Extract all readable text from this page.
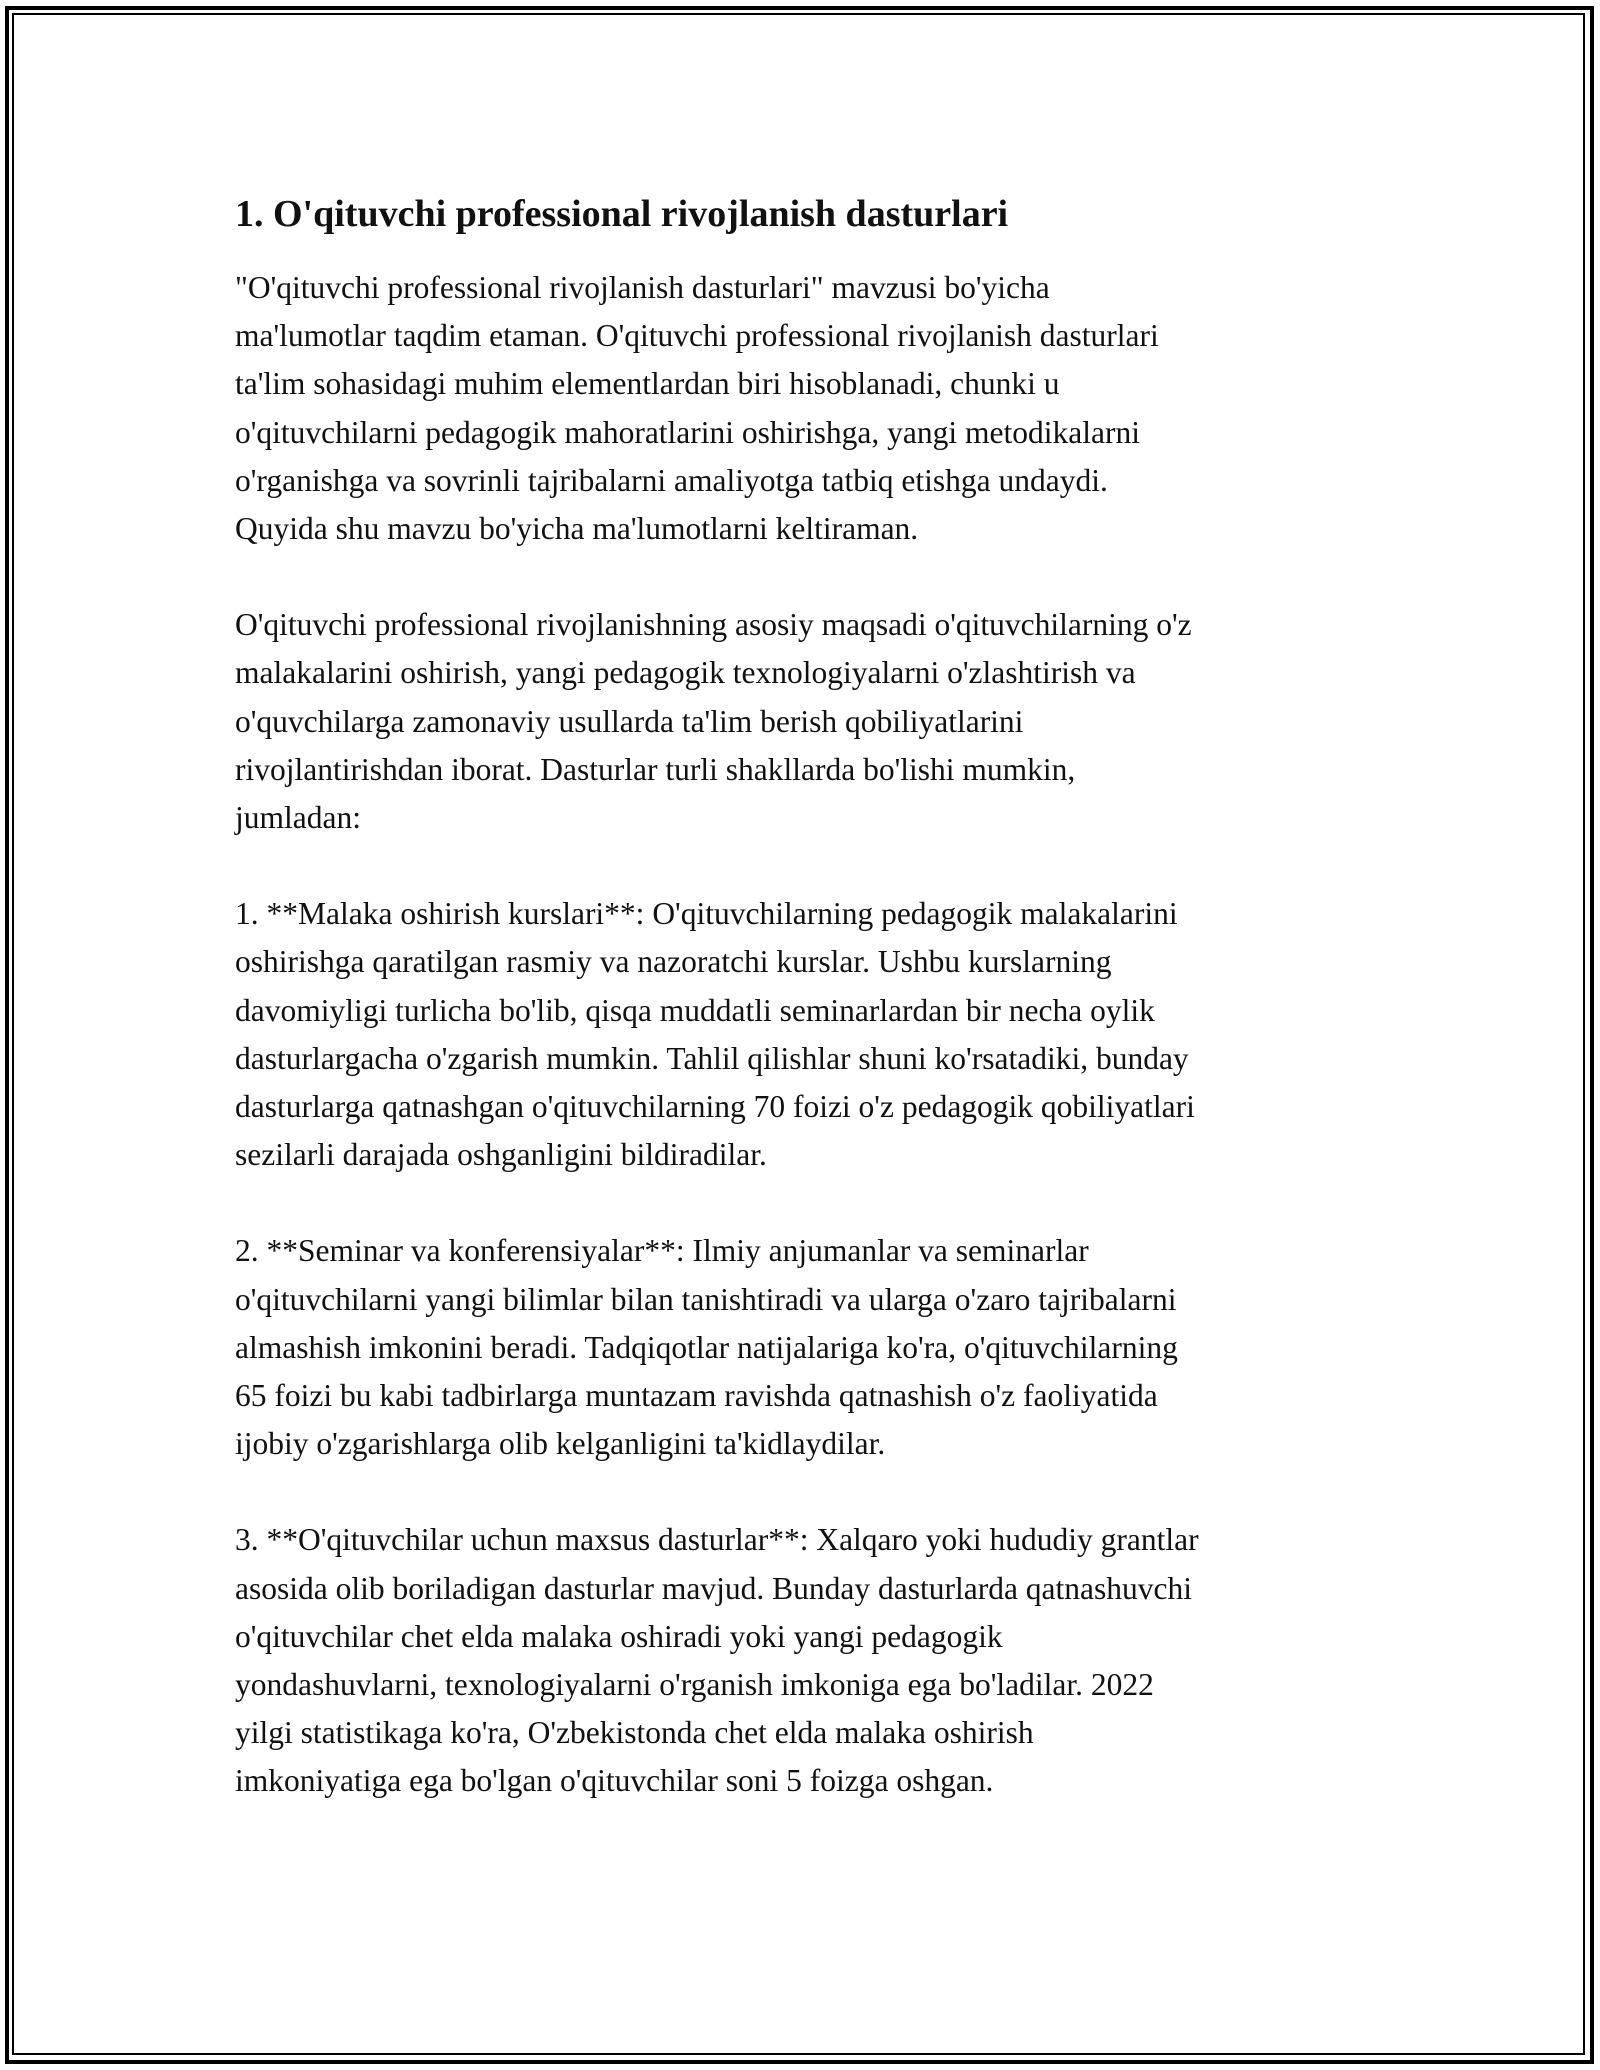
1. O'qituvchi professional rivojlanish dasturlari

"O'qituvchi professional rivojlanish dasturlari" mavzusi bo'yicha
ma'lumotlar taqdim etaman. O'qituvchi professional rivojlanish dasturlari
ta'lim sohasidagi muhim elementlardan biri hisoblanadi, chunki u
o'qituvchilarni pedagogik mahoratlarini oshirishga, yangi metodikalarni
o'rganishga va sovrinli tajribalarni amaliyotga tatbiq etishga undaydi.
Quyida shu mavzu bo'yicha ma'lumotlarni keltiraman.

O'qituvchi professional rivojlanishning asosiy maqsadi o'qituvchilarning o'z
malakalarini oshirish, yangi pedagogik texnologiyalarni o'zlashtirish va
o'quvchilarga zamonaviy usullarda ta'lim berish qobiliyatlarini
rivojlantirishdan iborat. Dasturlar turli shakllarda bo'lishi mumkin,
jumladan:

1. **Malaka oshirish kurslari**: O'qituvchilarning pedagogik malakalarini
oshirishga qaratilgan rasmiy va nazoratchi kurslar. Ushbu kurslarning
davomiyligi turlicha bo'lib, qisqa muddatli seminarlardan bir necha oylik
dasturlargacha o'zgarish mumkin. Tahlil qilishlar shuni ko'rsatadiki, bunday
dasturlarga qatnashgan o'qituvchilarning 70 foizi o'z pedagogik qobiliyatlari
sezilarli darajada oshganligini bildiradilar.

2. **Seminar va konferensiyalar**: Ilmiy anjumanlar va seminarlar
o'qituvchilarni yangi bilimlar bilan tanishtiradi va ularga o'zaro tajribalarni
almashish imkonini beradi. Tadqiqotlar natijalariga ko'ra, o'qituvchilarning
65 foizi bu kabi tadbirlarga muntazam ravishda qatnashish o'z faoliyatida
ijobiy o'zgarishlarga olib kelganligini ta'kidlaydilar.

3. **O'qituvchilar uchun maxsus dasturlar**: Xalqaro yoki hududiy grantlar
asosida olib boriladigan dasturlar mavjud. Bunday dasturlarda qatnashuvchi
o'qituvchilar chet elda malaka oshiradi yoki yangi pedagogik
yondashuvlarni, texnologiyalarni o'rganish imkoniga ega bo'ladilar. 2022
yilgi statistikaga ko'ra, O'zbekistonda chet elda malaka oshirish
imkoniyatiga ega bo'lgan o'qituvchilar soni 5 foizga oshgan.
